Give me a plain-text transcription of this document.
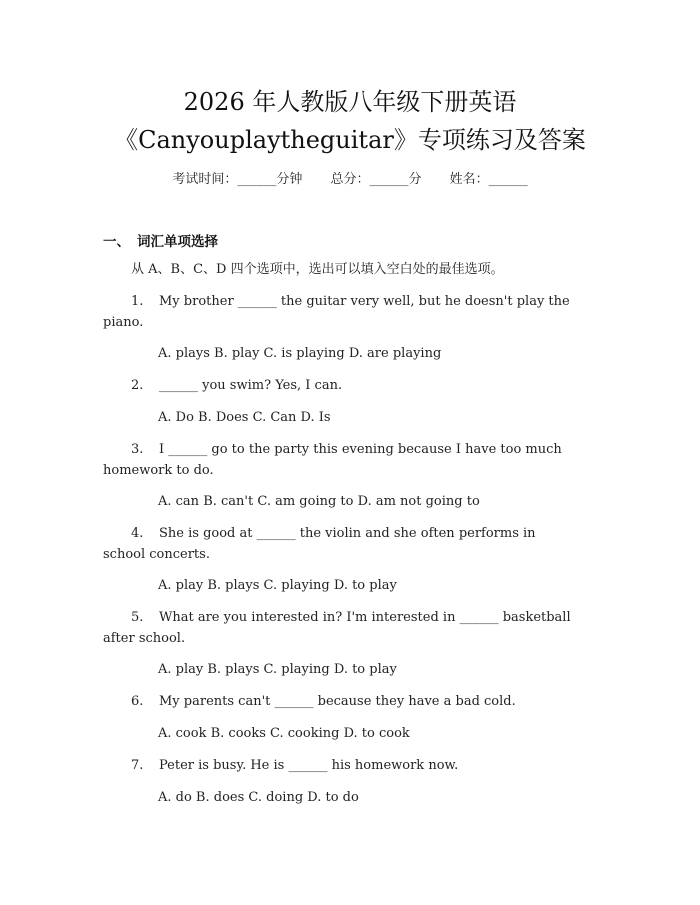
2026 年人教版八年级下册英语
《Canyouplaytheguitar》专项练习及答案
考试时间：______分钟 总分：______分 姓名：______
一、 词汇单项选择
从 A、B、C、D 四个选项中，选出可以填入空白处的最佳选项。
1. My brother ______ the guitar very well, but he doesn't play the
piano.
A. plays B. play C. is playing D. are playing
2. ______ you swim? Yes, I can.
A. Do B. Does C. Can D. Is
3. I ______ go to the party this evening because I have too much
homework to do.
A. can B. can't C. am going to D. am not going to
4. She is good at ______ the violin and she often performs in
school concerts.
A. play B. plays C. playing D. to play
5. What are you interested in? I'm interested in ______ basketball
after school.
A. play B. plays C. playing D. to play
6. My parents can't ______ because they have a bad cold.
A. cook B. cooks C. cooking D. to cook
7. Peter is busy. He is ______ his homework now.
A. do B. does C. doing D. to do
